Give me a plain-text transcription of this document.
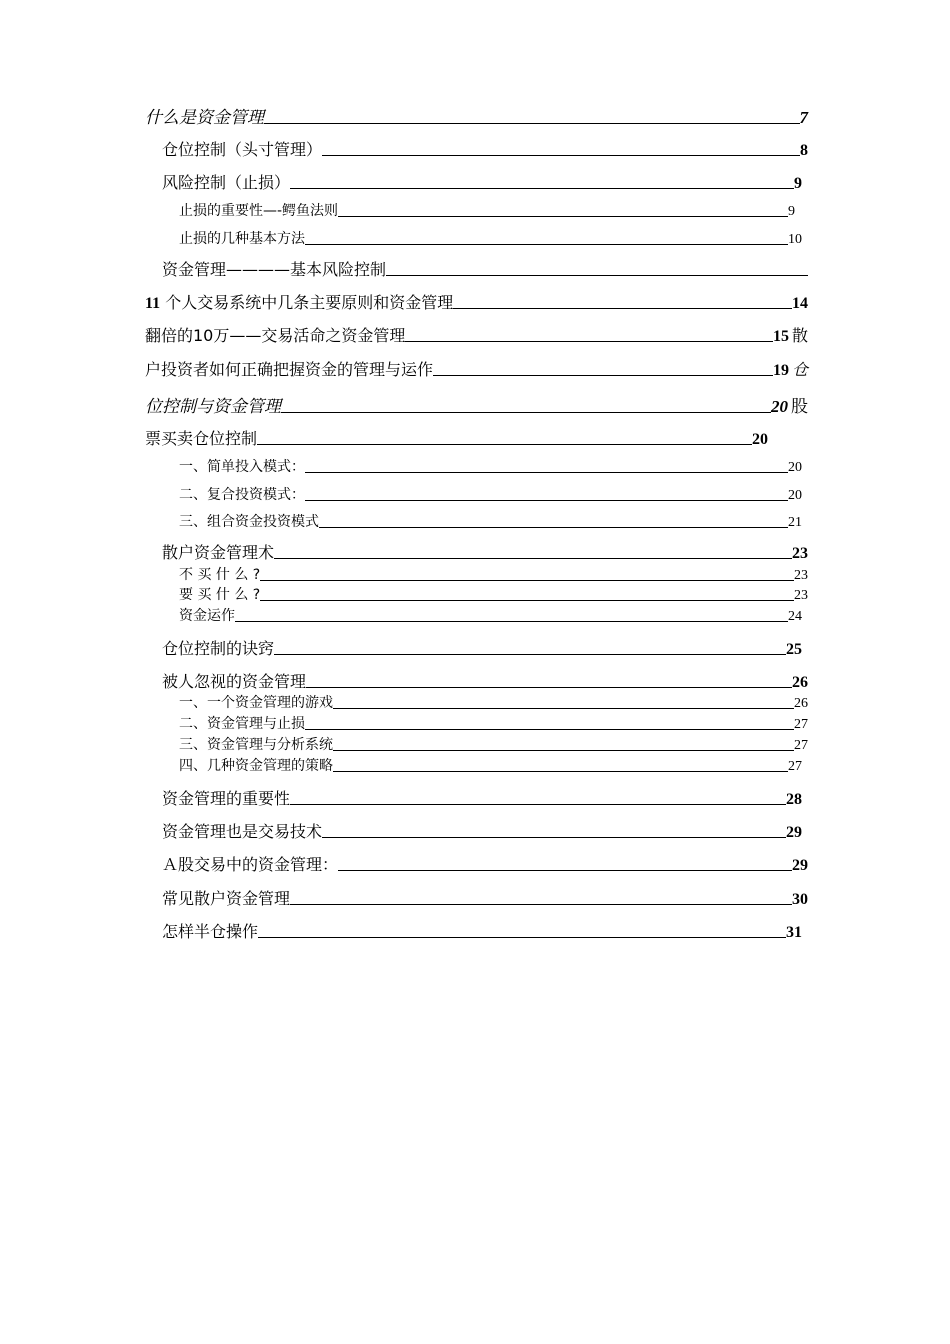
什么是资金管理	7
仓位控制（头寸管理）	8
风险控制（止损）	9
止损的重要性—-鳄鱼法则	9
止损的几种基本方法	10
资金管理————基本风险控制
11 个人交易系统中几条主要原则和资金管理	14
翻倍的10万——交易活命之资金管理	15 散
户投资者如何正确把握资金的管理与运作	19 仓
位控制与资金管理	20 股
票买卖仓位控制	20
一、简单投入模式：	20
二、复合投资模式：	20
三、组合资金投资模式	21
散户资金管理术	23
不 买 什 么 ?	23
要 买 什 么 ?	23
资金运作	24
仓位控制的诀窍	25
被人忽视的资金管理	26
一、一个资金管理的游戏	26
二、资金管理与止损	27
三、资金管理与分析系统	27
四、几种资金管理的策略	27
资金管理的重要性	28
资金管理也是交易技术	29
Ａ股交易中的资金管理：	29
常见散户资金管理	30
怎样半仓操作	31
